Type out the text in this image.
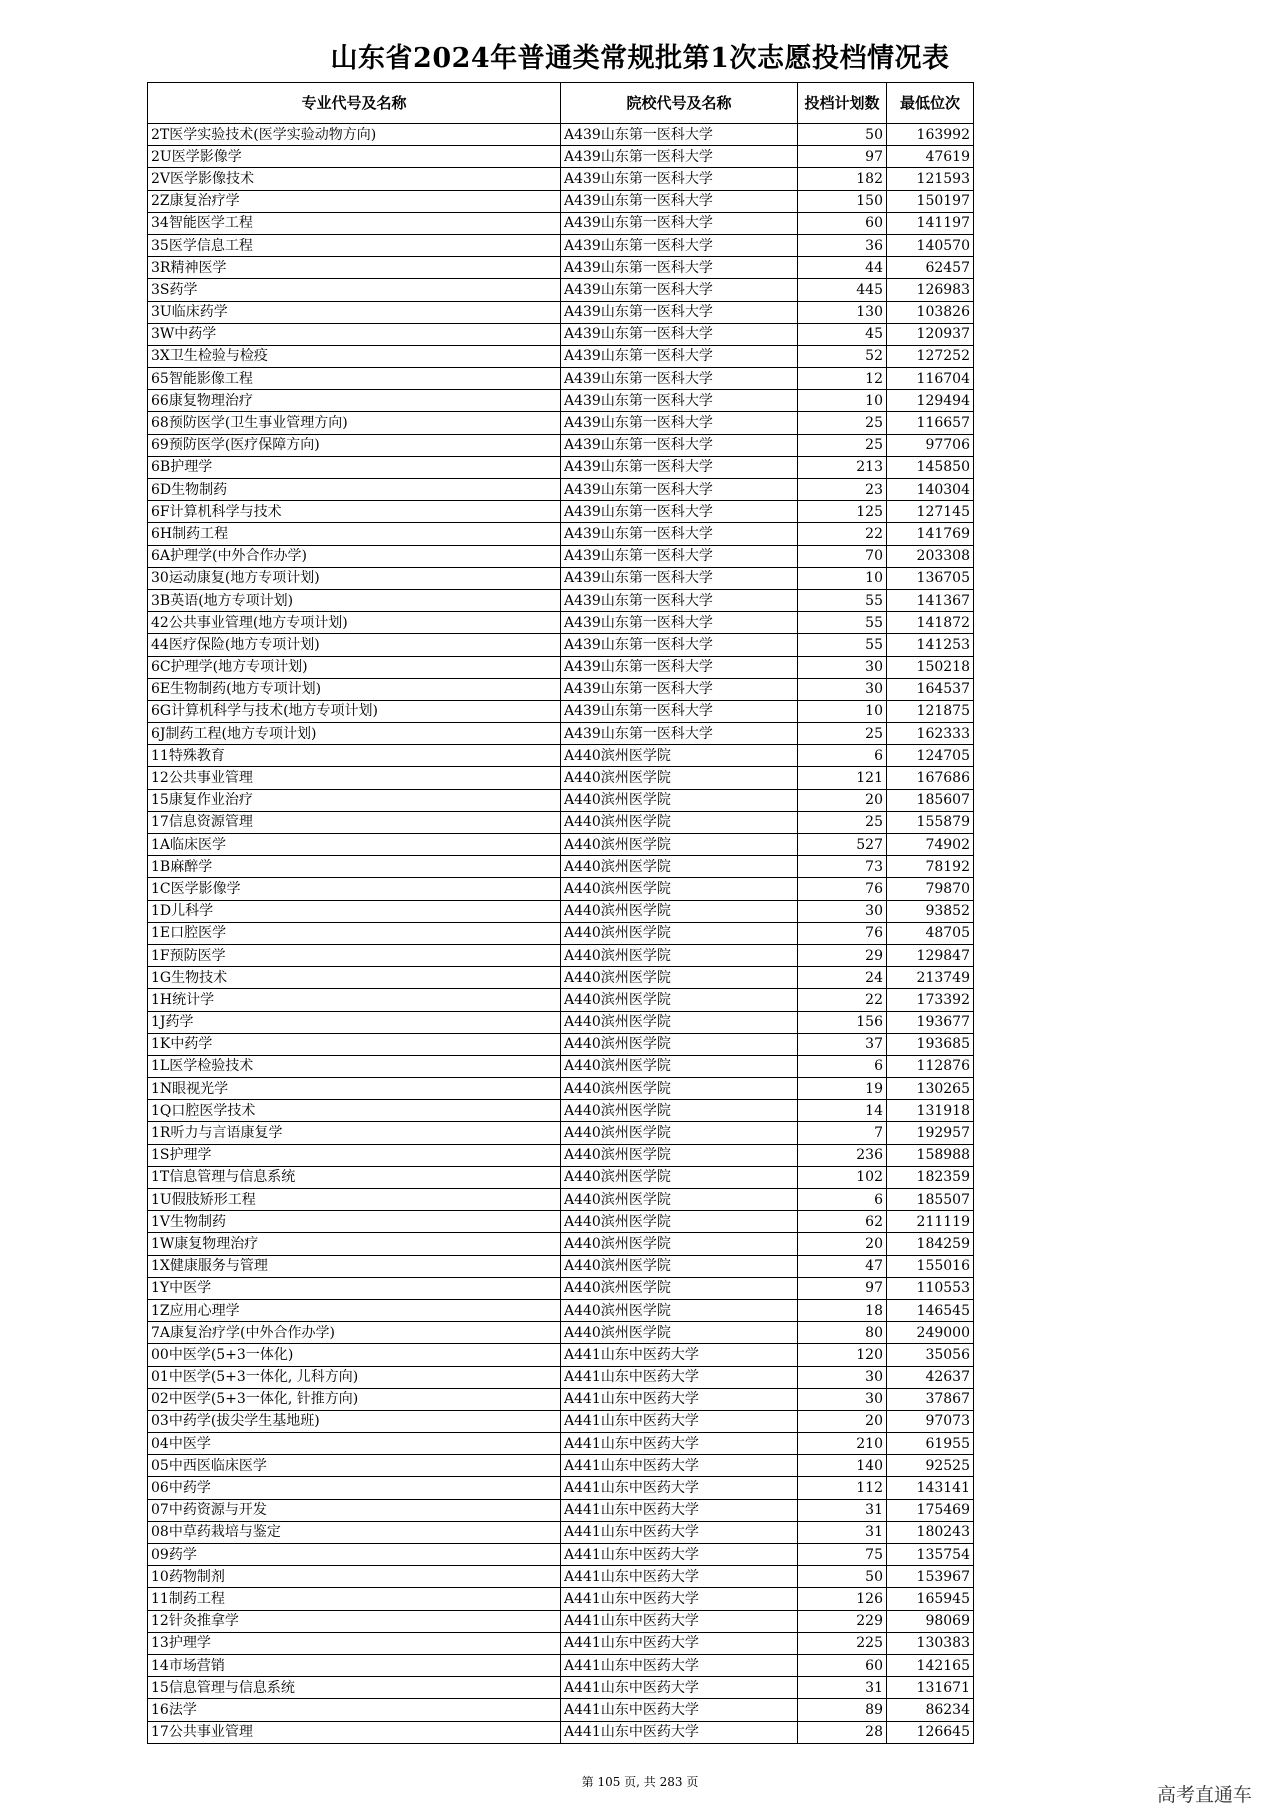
山东省2024年普通类常规批第1次志愿投档情况表
专业代号及名称	院校代号及名称	投档计划数	最低位次
2T医学实验技术(医学实验动物方向)	A439山东第一医科大学	50	163992
2U医学影像学	A439山东第一医科大学	97	47619
2V医学影像技术	A439山东第一医科大学	182	121593
2Z康复治疗学	A439山东第一医科大学	150	150197
34智能医学工程	A439山东第一医科大学	60	141197
35医学信息工程	A439山东第一医科大学	36	140570
3R精神医学	A439山东第一医科大学	44	62457
3S药学	A439山东第一医科大学	445	126983
3U临床药学	A439山东第一医科大学	130	103826
3W中药学	A439山东第一医科大学	45	120937
3X卫生检验与检疫	A439山东第一医科大学	52	127252
65智能影像工程	A439山东第一医科大学	12	116704
66康复物理治疗	A439山东第一医科大学	10	129494
68预防医学(卫生事业管理方向)	A439山东第一医科大学	25	116657
69预防医学(医疗保障方向)	A439山东第一医科大学	25	97706
6B护理学	A439山东第一医科大学	213	145850
6D生物制药	A439山东第一医科大学	23	140304
6F计算机科学与技术	A439山东第一医科大学	125	127145
6H制药工程	A439山东第一医科大学	22	141769
6A护理学(中外合作办学)	A439山东第一医科大学	70	203308
30运动康复(地方专项计划)	A439山东第一医科大学	10	136705
3B英语(地方专项计划)	A439山东第一医科大学	55	141367
42公共事业管理(地方专项计划)	A439山东第一医科大学	55	141872
44医疗保险(地方专项计划)	A439山东第一医科大学	55	141253
6C护理学(地方专项计划)	A439山东第一医科大学	30	150218
6E生物制药(地方专项计划)	A439山东第一医科大学	30	164537
6G计算机科学与技术(地方专项计划)	A439山东第一医科大学	10	121875
6J制药工程(地方专项计划)	A439山东第一医科大学	25	162333
11特殊教育	A440滨州医学院	6	124705
12公共事业管理	A440滨州医学院	121	167686
15康复作业治疗	A440滨州医学院	20	185607
17信息资源管理	A440滨州医学院	25	155879
1A临床医学	A440滨州医学院	527	74902
1B麻醉学	A440滨州医学院	73	78192
1C医学影像学	A440滨州医学院	76	79870
1D儿科学	A440滨州医学院	30	93852
1E口腔医学	A440滨州医学院	76	48705
1F预防医学	A440滨州医学院	29	129847
1G生物技术	A440滨州医学院	24	213749
1H统计学	A440滨州医学院	22	173392
1J药学	A440滨州医学院	156	193677
1K中药学	A440滨州医学院	37	193685
1L医学检验技术	A440滨州医学院	6	112876
1N眼视光学	A440滨州医学院	19	130265
1Q口腔医学技术	A440滨州医学院	14	131918
1R听力与言语康复学	A440滨州医学院	7	192957
1S护理学	A440滨州医学院	236	158988
1T信息管理与信息系统	A440滨州医学院	102	182359
1U假肢矫形工程	A440滨州医学院	6	185507
1V生物制药	A440滨州医学院	62	211119
1W康复物理治疗	A440滨州医学院	20	184259
1X健康服务与管理	A440滨州医学院	47	155016
1Y中医学	A440滨州医学院	97	110553
1Z应用心理学	A440滨州医学院	18	146545
7A康复治疗学(中外合作办学)	A440滨州医学院	80	249000
00中医学(5+3一体化)	A441山东中医药大学	120	35056
01中医学(5+3一体化, 儿科方向)	A441山东中医药大学	30	42637
02中医学(5+3一体化, 针推方向)	A441山东中医药大学	30	37867
03中药学(拔尖学生基地班)	A441山东中医药大学	20	97073
04中医学	A441山东中医药大学	210	61955
05中西医临床医学	A441山东中医药大学	140	92525
06中药学	A441山东中医药大学	112	143141
07中药资源与开发	A441山东中医药大学	31	175469
08中草药栽培与鉴定	A441山东中医药大学	31	180243
09药学	A441山东中医药大学	75	135754
10药物制剂	A441山东中医药大学	50	153967
11制药工程	A441山东中医药大学	126	165945
12针灸推拿学	A441山东中医药大学	229	98069
13护理学	A441山东中医药大学	225	130383
14市场营销	A441山东中医药大学	60	142165
15信息管理与信息系统	A441山东中医药大学	31	131671
16法学	A441山东中医药大学	89	86234
17公共事业管理	A441山东中医药大学	28	126645
第 105 页, 共 283 页
高考直通车
